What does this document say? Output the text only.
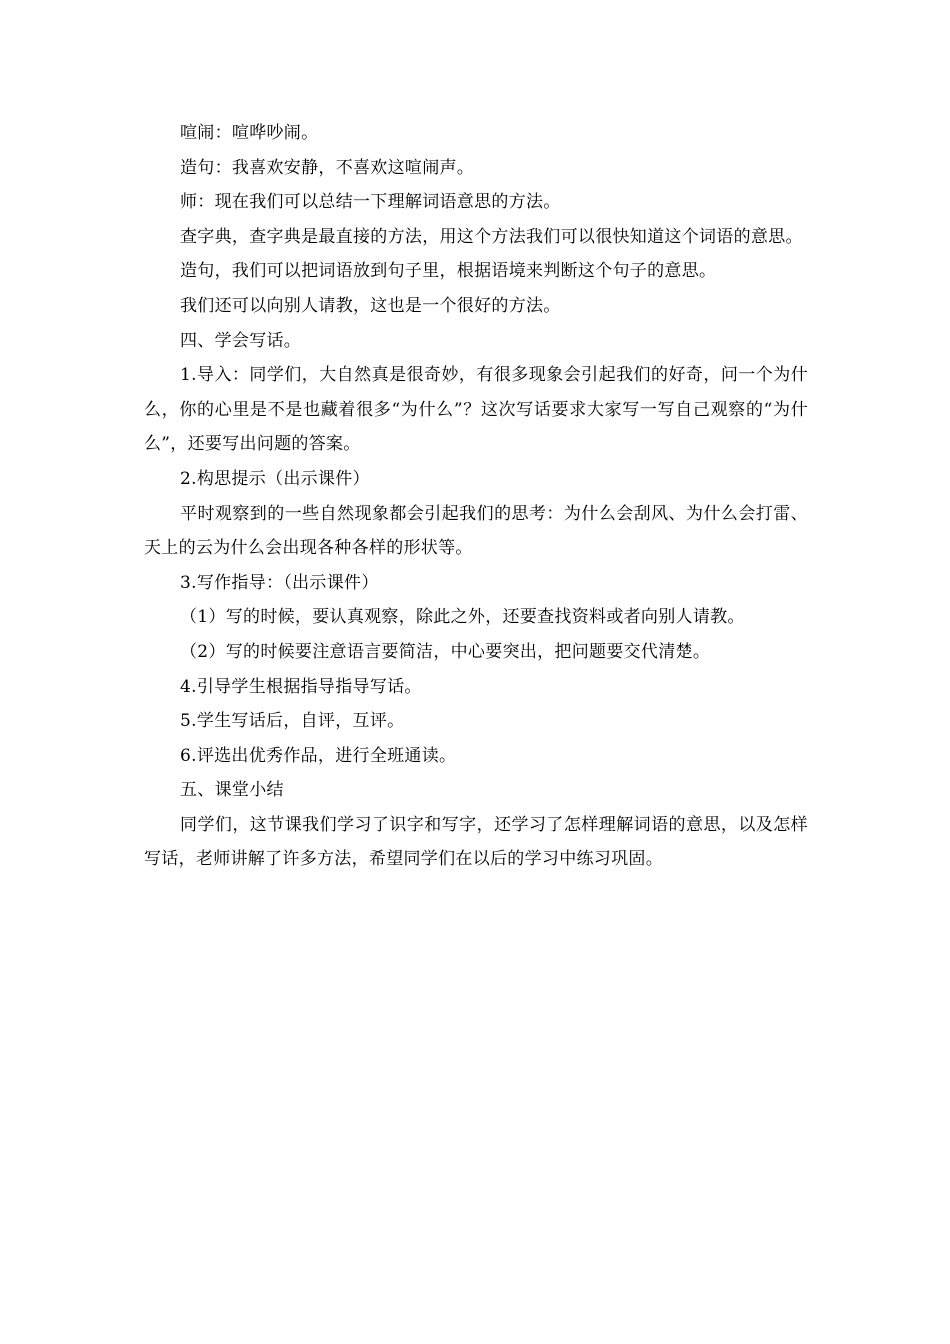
喧闹：喧哗吵闹。

造句：我喜欢安静，不喜欢这喧闹声。

师：现在我们可以总结一下理解词语意思的方法。

查字典，查字典是最直接的方法，用这个方法我们可以很快知道这个词语的意思。

造句，我们可以把词语放到句子里，根据语境来判断这个句子的意思。

我们还可以向别人请教，这也是一个很好的方法。

四、学会写话。

1.导入：同学们，大自然真是很奇妙，有很多现象会引起我们的好奇，问一个为什么，你的心里是不是也藏着很多“为什么”？这次写话要求大家写一写自己观察的“为什么”，还要写出问题的答案。

2.构思提示（出示课件）

平时观察到的一些自然现象都会引起我们的思考：为什么会刮风、为什么会打雷、天上的云为什么会出现各种各样的形状等。

3.写作指导：（出示课件）

（1）写的时候，要认真观察，除此之外，还要查找资料或者向别人请教。

（2）写的时候要注意语言要简洁，中心要突出，把问题要交代清楚。

4.引导学生根据指导指导写话。

5.学生写话后，自评，互评。

6.评选出优秀作品，进行全班通读。

五、课堂小结

同学们，这节课我们学习了识字和写字，还学习了怎样理解词语的意思，以及怎样写话，老师讲解了许多方法，希望同学们在以后的学习中练习巩固。
